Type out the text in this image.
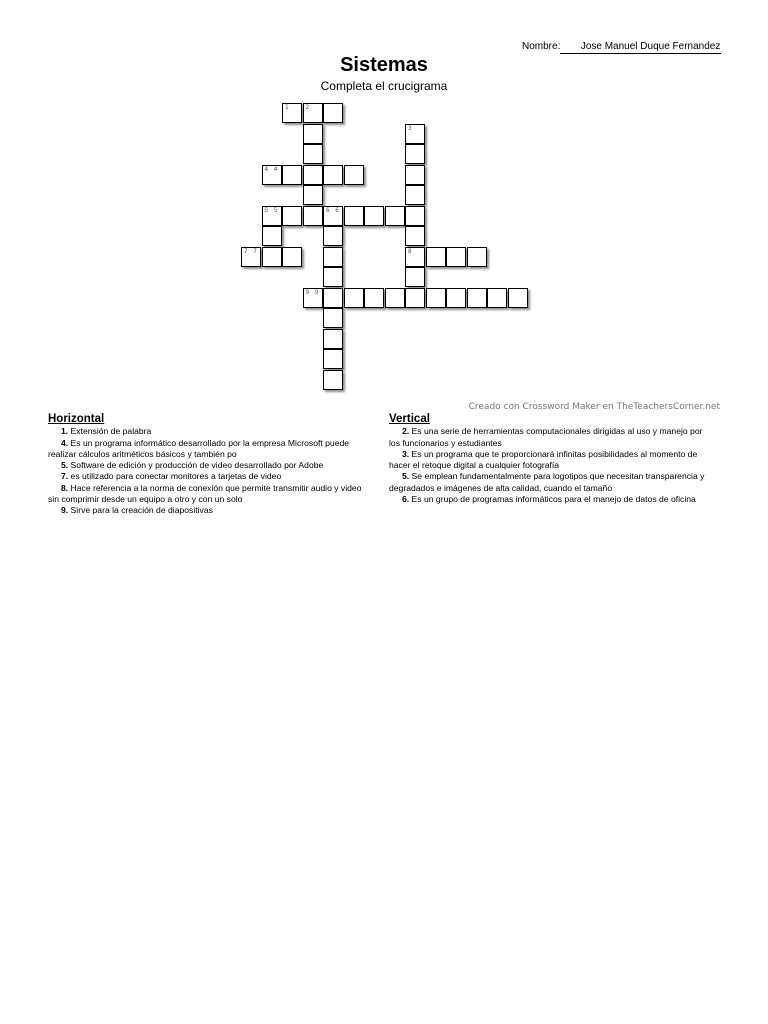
Nombre: Jose Manuel Duque Fernandez
Sistemas
Completa el crucigrama
1	2
3
4 4
5 5	6 6
7 7	8
9 9
Creado con Crossword Maker en TheTeachersCorner.net
Horizontal
1. Extensión de palabra
4. Es un programa informático desarrollado por la empresa Microsoft puede realizar cálculos aritméticos básicos y también po
5. Software de edición y producción de video desarrollado por Adobe
7. es utilizado para conectar monitores a tarjetas de video
8. Hace referencia a la norma de conexión que permite transmitir audio y video sin comprimir desde un equipo a otro y con un solo
9. Sirve para la creación de diapositivas
Vertical
2. Es una serie de herramientas computacionales dirigidas al uso y manejo por los funcionarios y estudiantes
3. Es un programa que te proporcionará infinitas posibilidades al momento de hacer el retoque digital a cualquier fotografía
5. Se emplean fundamentalmente para logotipos que necesitan transparencia y degradados e imágenes de alta calidad, cuando el tamaño
6. Es un grupo de programas informáticos para el manejo de datos de oficina
